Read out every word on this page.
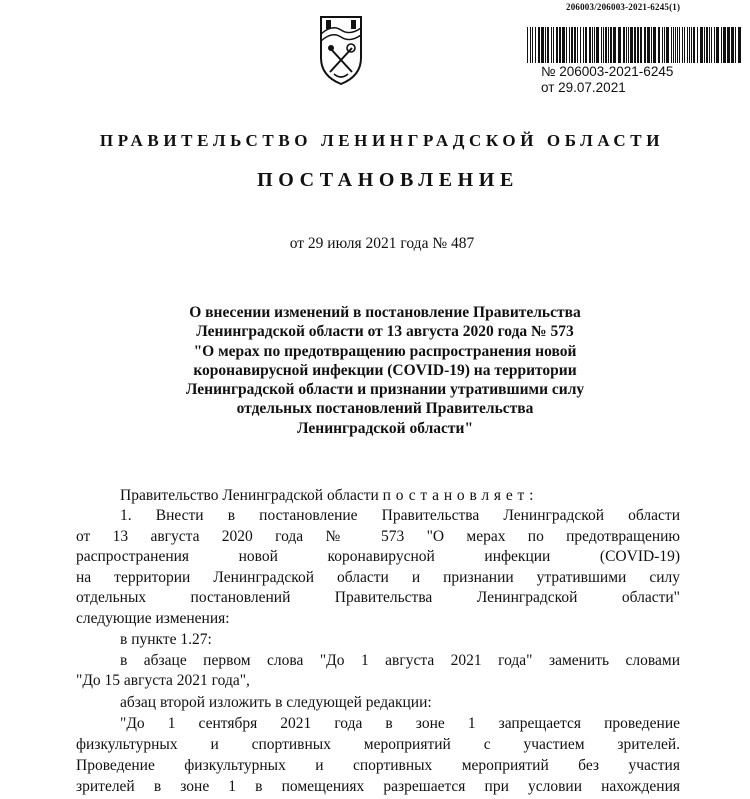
206003/206003-2021-6245(1)
№ 206003-2021-6245
от 29.07.2021
ПРАВИТЕЛЬСТВО ЛЕНИНГРАДСКОЙ ОБЛАСТИ
ПОСТАНОВЛЕНИЕ
от 29 июля 2021 года № 487
О внесении изменений в постановление Правительства
Ленинградской области от 13 августа 2020 года № 573
"О мерах по предотвращению распространения новой
коронавирусной инфекции (COVID-19) на территории
Ленинградской области и признании утратившими силу
отдельных постановлений Правительства
Ленинградской области"
Правительство Ленинградской области постановляет:
1. Внести в постановление Правительства Ленинградской области
от 13 августа 2020 года № 573 "О мерах по предотвращению
распространения новой коронавирусной инфекции (COVID-19)
на территории Ленинградской области и признании утратившими силу
отдельных постановлений Правительства Ленинградской области"
следующие изменения:
в пункте 1.27:
в абзаце первом слова "До 1 августа 2021 года" заменить словами
"До 15 августа 2021 года",
абзац второй изложить в следующей редакции:
"До 1 сентября 2021 года в зоне 1 запрещается проведение
физкультурных и спортивных мероприятий с участием зрителей.
Проведение физкультурных и спортивных мероприятий без участия
зрителей в зоне 1 в помещениях разрешается при условии нахождения
